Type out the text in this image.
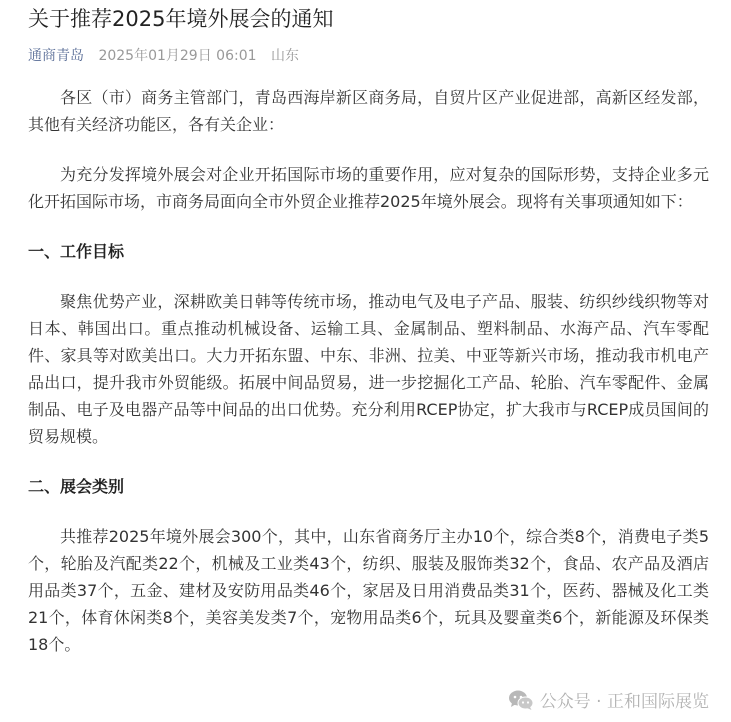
关于推荐2025年境外展会的通知
通商青岛 2025年01月29日 06:01 山东

各区（市）商务主管部门，青岛西海岸新区商务局，自贸片区产业促进部，高新区经发部，其他有关经济功能区，各有关企业：

为充分发挥境外展会对企业开拓国际市场的重要作用，应对复杂的国际形势，支持企业多元化开拓国际市场，市商务局面向全市外贸企业推荐2025年境外展会。现将有关事项通知如下：

一、工作目标

聚焦优势产业，深耕欧美日韩等传统市场，推动电气及电子产品、服装、纺织纱线织物等对日本、韩国出口。重点推动机械设备、运输工具、金属制品、塑料制品、水海产品、汽车零配件、家具等对欧美出口。大力开拓东盟、中东、非洲、拉美、中亚等新兴市场，推动我市机电产品出口，提升我市外贸能级。拓展中间品贸易，进一步挖掘化工产品、轮胎、汽车零配件、金属制品、电子及电器产品等中间品的出口优势。充分利用RCEP协定，扩大我市与RCEP成员国间的贸易规模。

二、展会类别

共推荐2025年境外展会300个，其中，山东省商务厅主办10个，综合类8个，消费电子类5个，轮胎及汽配类22个，机械及工业类43个，纺织、服装及服饰类32个，食品、农产品及酒店用品类37个，五金、建材及安防用品类46个，家居及日用消费品类31个，医药、器械及化工类21个，体育休闲类8个，美容美发类7个，宠物用品类6个，玩具及婴童类6个，新能源及环保类18个。

公众号 · 正和国际展览
